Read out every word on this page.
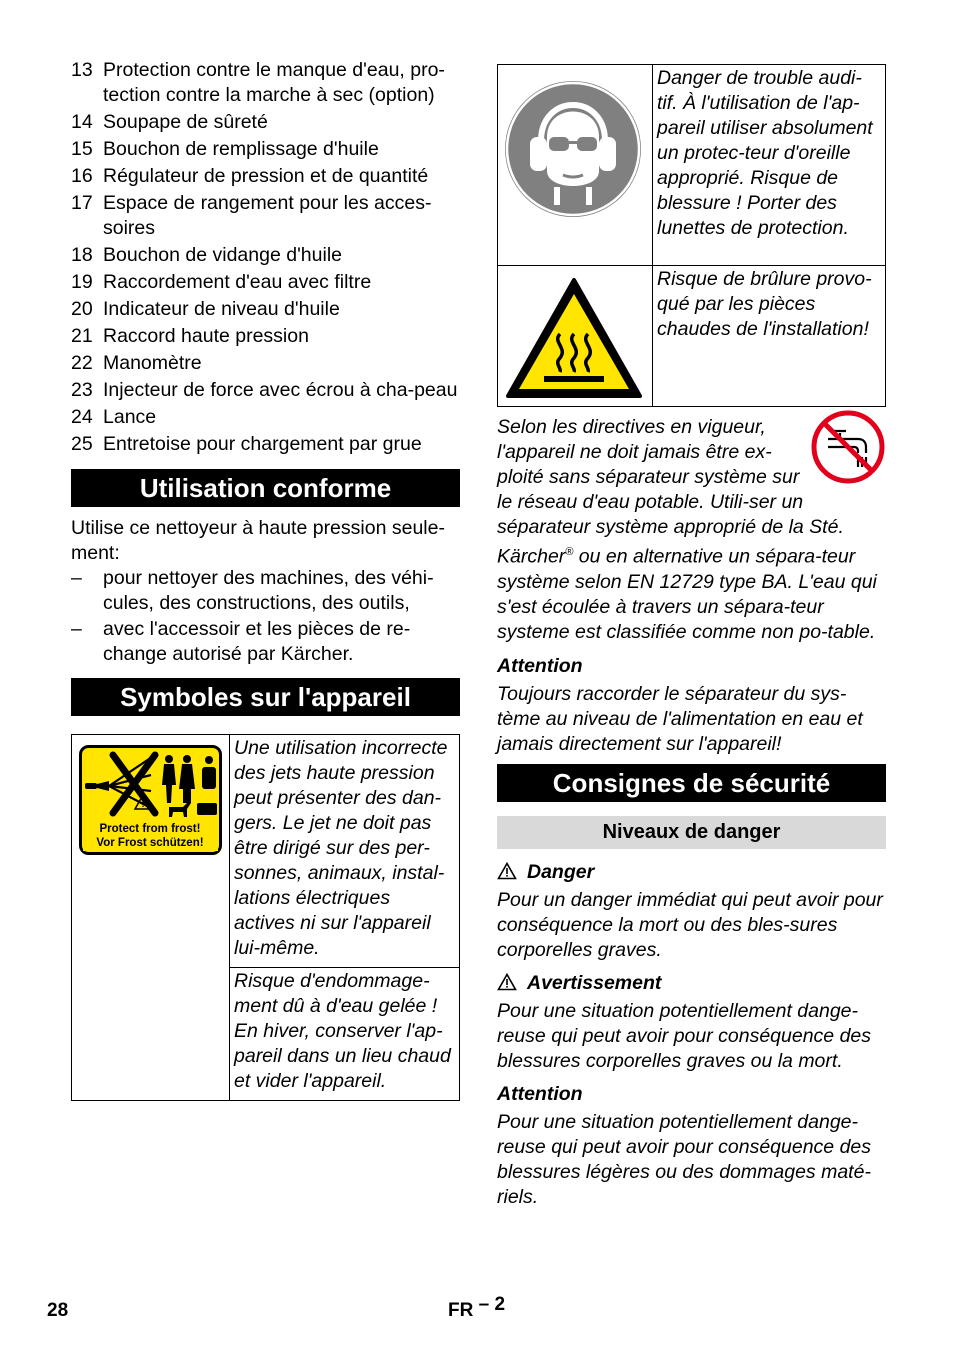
13 Protection contre le manque d'eau, pro-tection contre la marche à sec (option)
14 Soupape de sûreté
15 Bouchon de remplissage d'huile
16 Régulateur de pression et de quantité
17 Espace de rangement pour les acces-soires
18 Bouchon de vidange d'huile
19 Raccordement d'eau avec filtre
20 Indicateur de niveau d'huile
21 Raccord haute pression
22 Manomètre
23 Injecteur de force avec écrou à cha-peau
24 Lance
25 Entretoise pour chargement par grue
Utilisation conforme

Utilise ce nettoyeur à haute pression seule-ment:

–	pour nettoyer des machines, des véhi-cules, des constructions, des outils,
–	avec l'accessoir et les pièces de re-change autorisé par Kärcher.
Symboles sur l'appareil
!
Protect from frost!
Vor Frost schützen!
	Une utilisation incorrecte des jets haute pression peut présenter des dan-gers. Le jet ne doit pas être dirigé sur des per-sonnes, animaux, instal-lations électriques actives ni sur l'appareil lui-même.
Risque d'endommage-ment dû à d'eau gelée ! En hiver, conserver l'ap-pareil dans un lieu chaud et vider l'appareil.
	Danger de trouble audi-tif. À l'utilisation de l'ap-pareil utiliser absolument un protec-teur d'oreille approprié. Risque de blessure ! Porter des lunettes de protection.

	Risque de brûlure provo-qué par les pièces chaudes de l'installation!

Selon les directives en vigueur, l'appareil ne doit jamais être ex-ploité sans séparateur système sur le réseau d'eau potable. Utili-ser un séparateur système approprié de la Sté. Kärcher® ou en alternative un sépara-teur système selon EN 12729 type BA. L'eau qui s'est écoulée à travers un sépara-teur systeme est classifiée comme non po-table.

Attention

Toujours raccorder le séparateur du sys-tème au niveau de l'alimentation en eau et jamais directement sur l'appareil!

Consignes de sécurité
Niveaux de danger

Danger

Pour un danger immédiat qui peut avoir pour conséquence la mort ou des bles-sures corporelles graves.

Avertissement

Pour une situation potentiellement dange-reuse qui peut avoir pour conséquence des blessures corporelles graves ou la mort.

Attention

Pour une situation potentiellement dange-reuse qui peut avoir pour conséquence des blessures légères ou des dommages maté-riels.

28	FR – 2
